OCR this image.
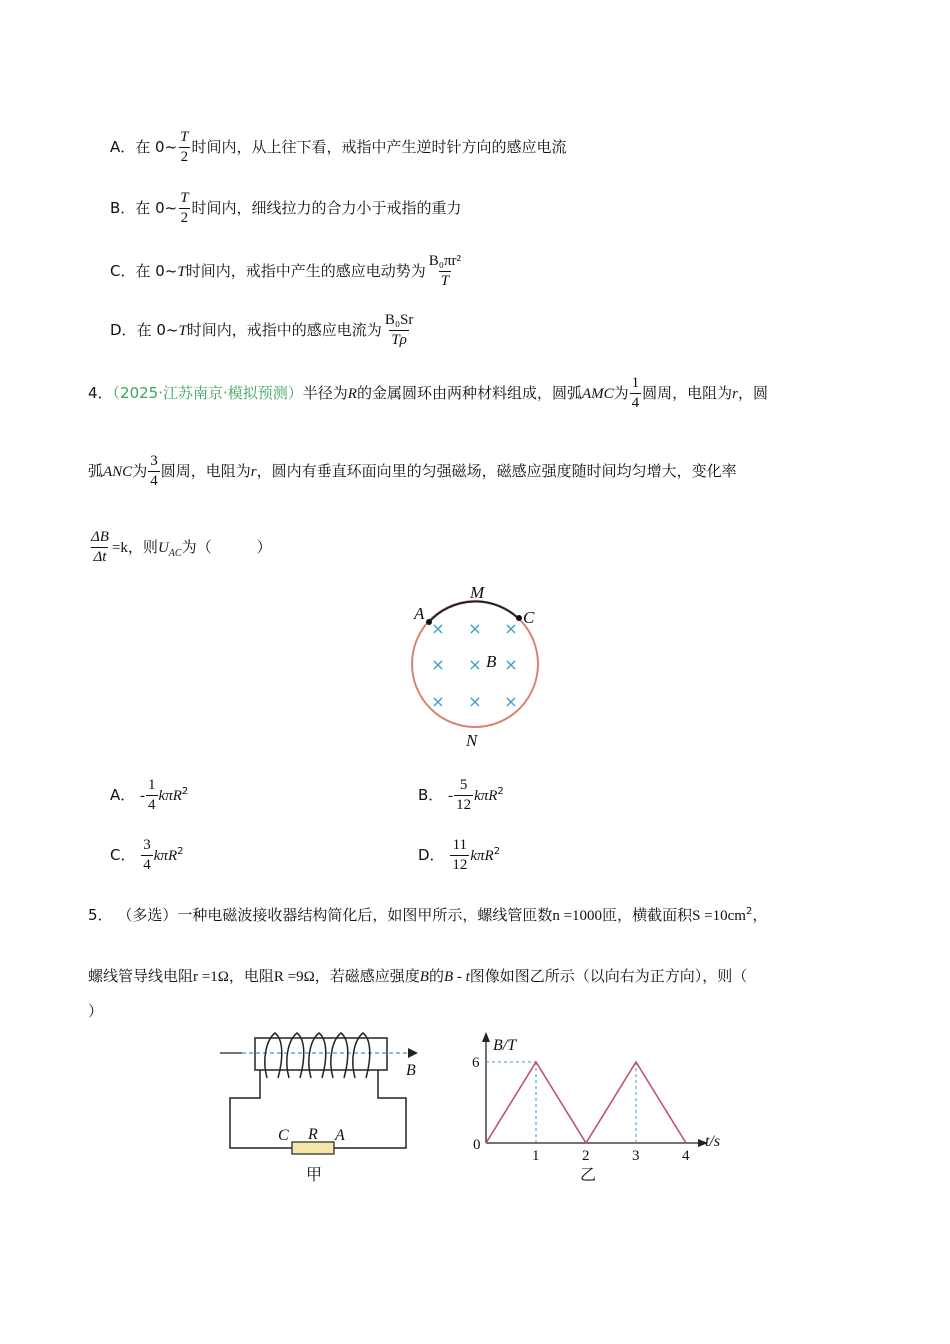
A．在 0~ $\frac{T}{2}$ 时间内，从上往下看，戒指中产生逆时针方向的感应电流
B．在 0~ $\frac{T}{2}$ 时间内，细线拉力的合力小于戒指的重力
C．在 0~T时间内，戒指中产生的感应电动势为 $\frac{\text{B₀πr²}}{T}$
D．在 0~T时间内，戒指中的感应电流为 $\frac{\text{B₀Sr}}{T\rho}$
4．（2025·江苏南京·模拟预测）半径为R的金属圆环由两种材料组成，圆弧AMC为 $\frac{1}{4}$ 圆周，电阻为r，圆
弧ANC为 $\frac{3}{4}$ 圆周，电阻为r，圆内有垂直环面向里的匀强磁场，磁感应强度随时间均匀增大，变化率
$\frac{\Delta B}{\Delta t} =k$，则$U_{AC}$为（　　　）
M
A	C
B
N
× × ×
× × ×
× × ×
A． - $\frac{1}{4} k\pi R^2$	B． - $\frac{5}{12} k\pi R^2$
C． $\frac{3}{4} k\pi R^2$	D． $\frac{11}{12} k\pi R^2$
5． （多选）一种电磁波接收器结构简化后，如图甲所示，螺线管匝数n =1000匝，横截面积$S =10cm^2$，
螺线管导线电阻r =1Ω，电阻R =9Ω，若磁感应强度B的B - t图像如图乙所示（以向右为正方向），则（
）
B
C R A
甲
6
0
1	2	3	4
B/T
t/s
乙
